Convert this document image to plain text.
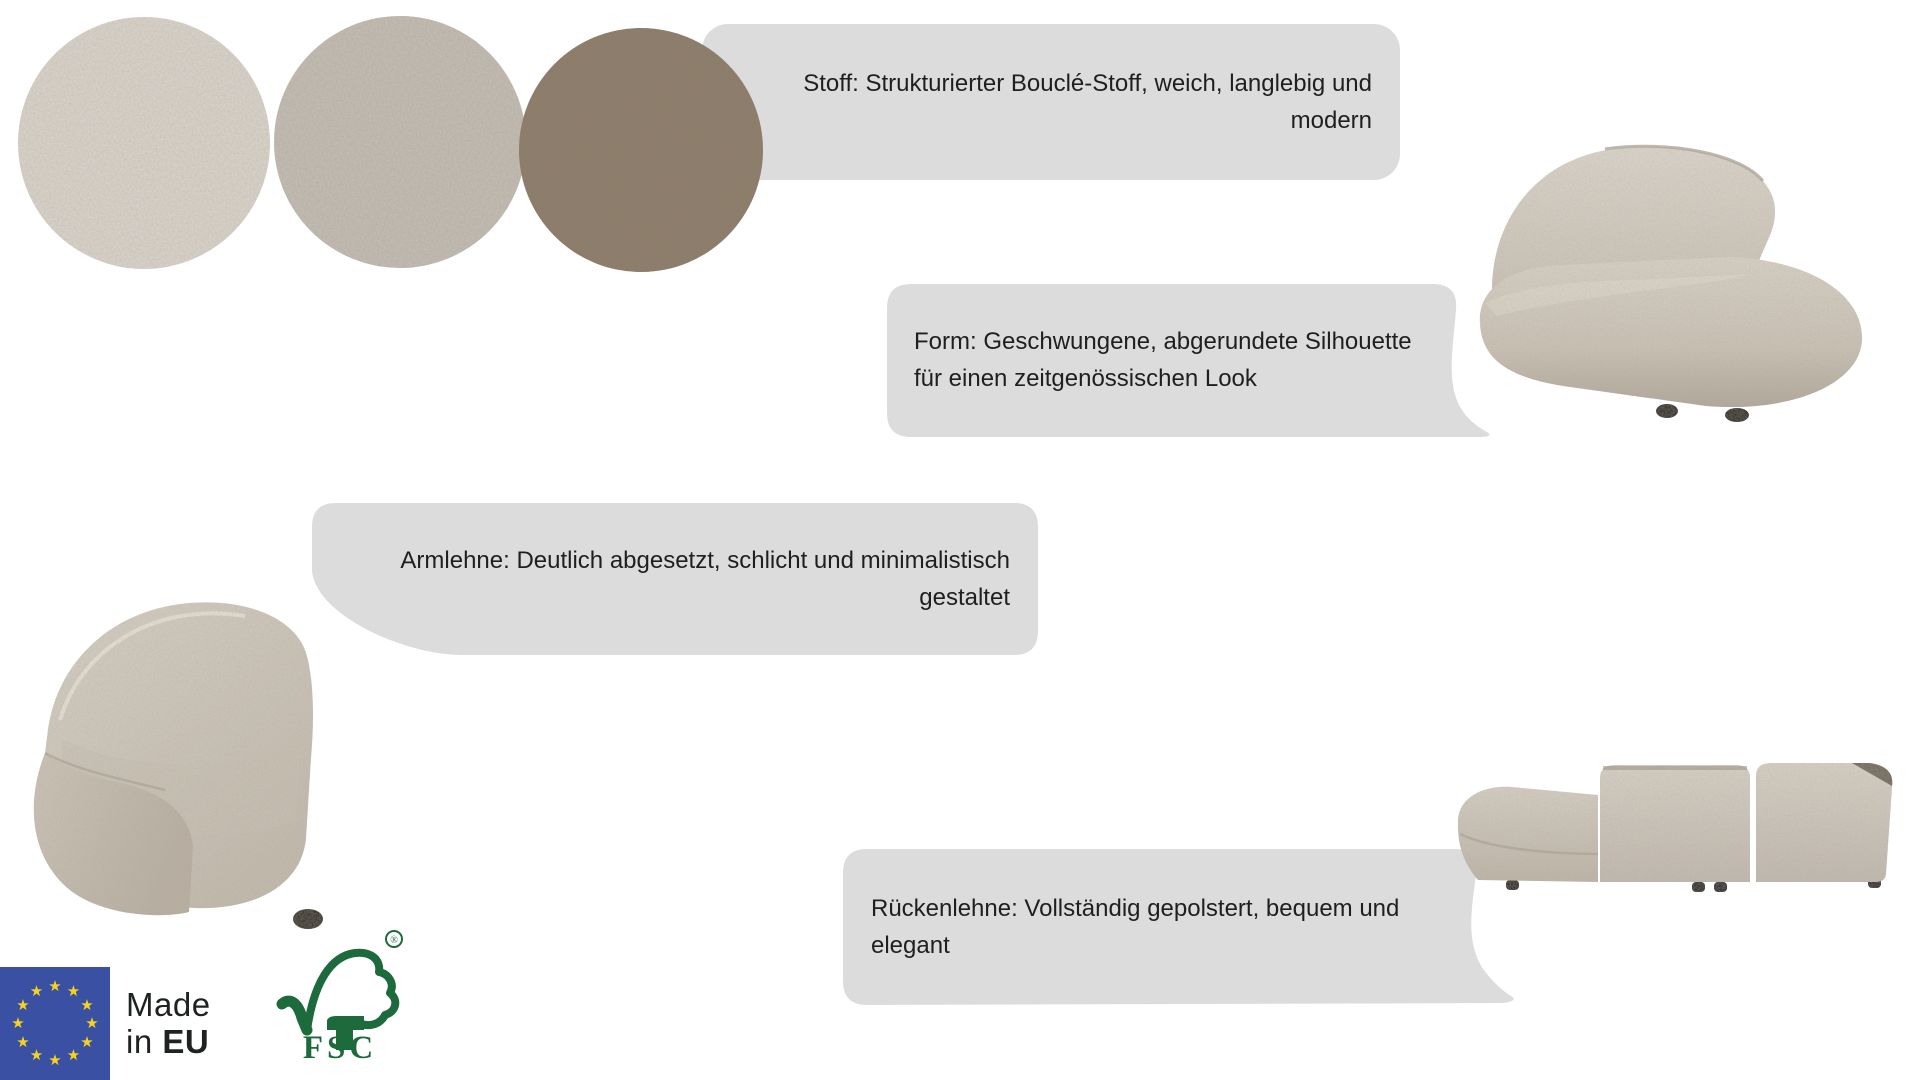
Stoff: Strukturierter Bouclé-Stoff, weich, langlebig und
modern
Form: Geschwungene, abgerundete Silhouette
für einen zeitgenössischen Look
Armlehne: Deutlich abgesetzt, schlicht und minimalistisch
gestaltet
Rückenlehne: Vollständig gepolstert, bequem und
elegant
★ ★
★
★
★
★
★
★
★
★
★
★	Made
in EU
®
FSC
